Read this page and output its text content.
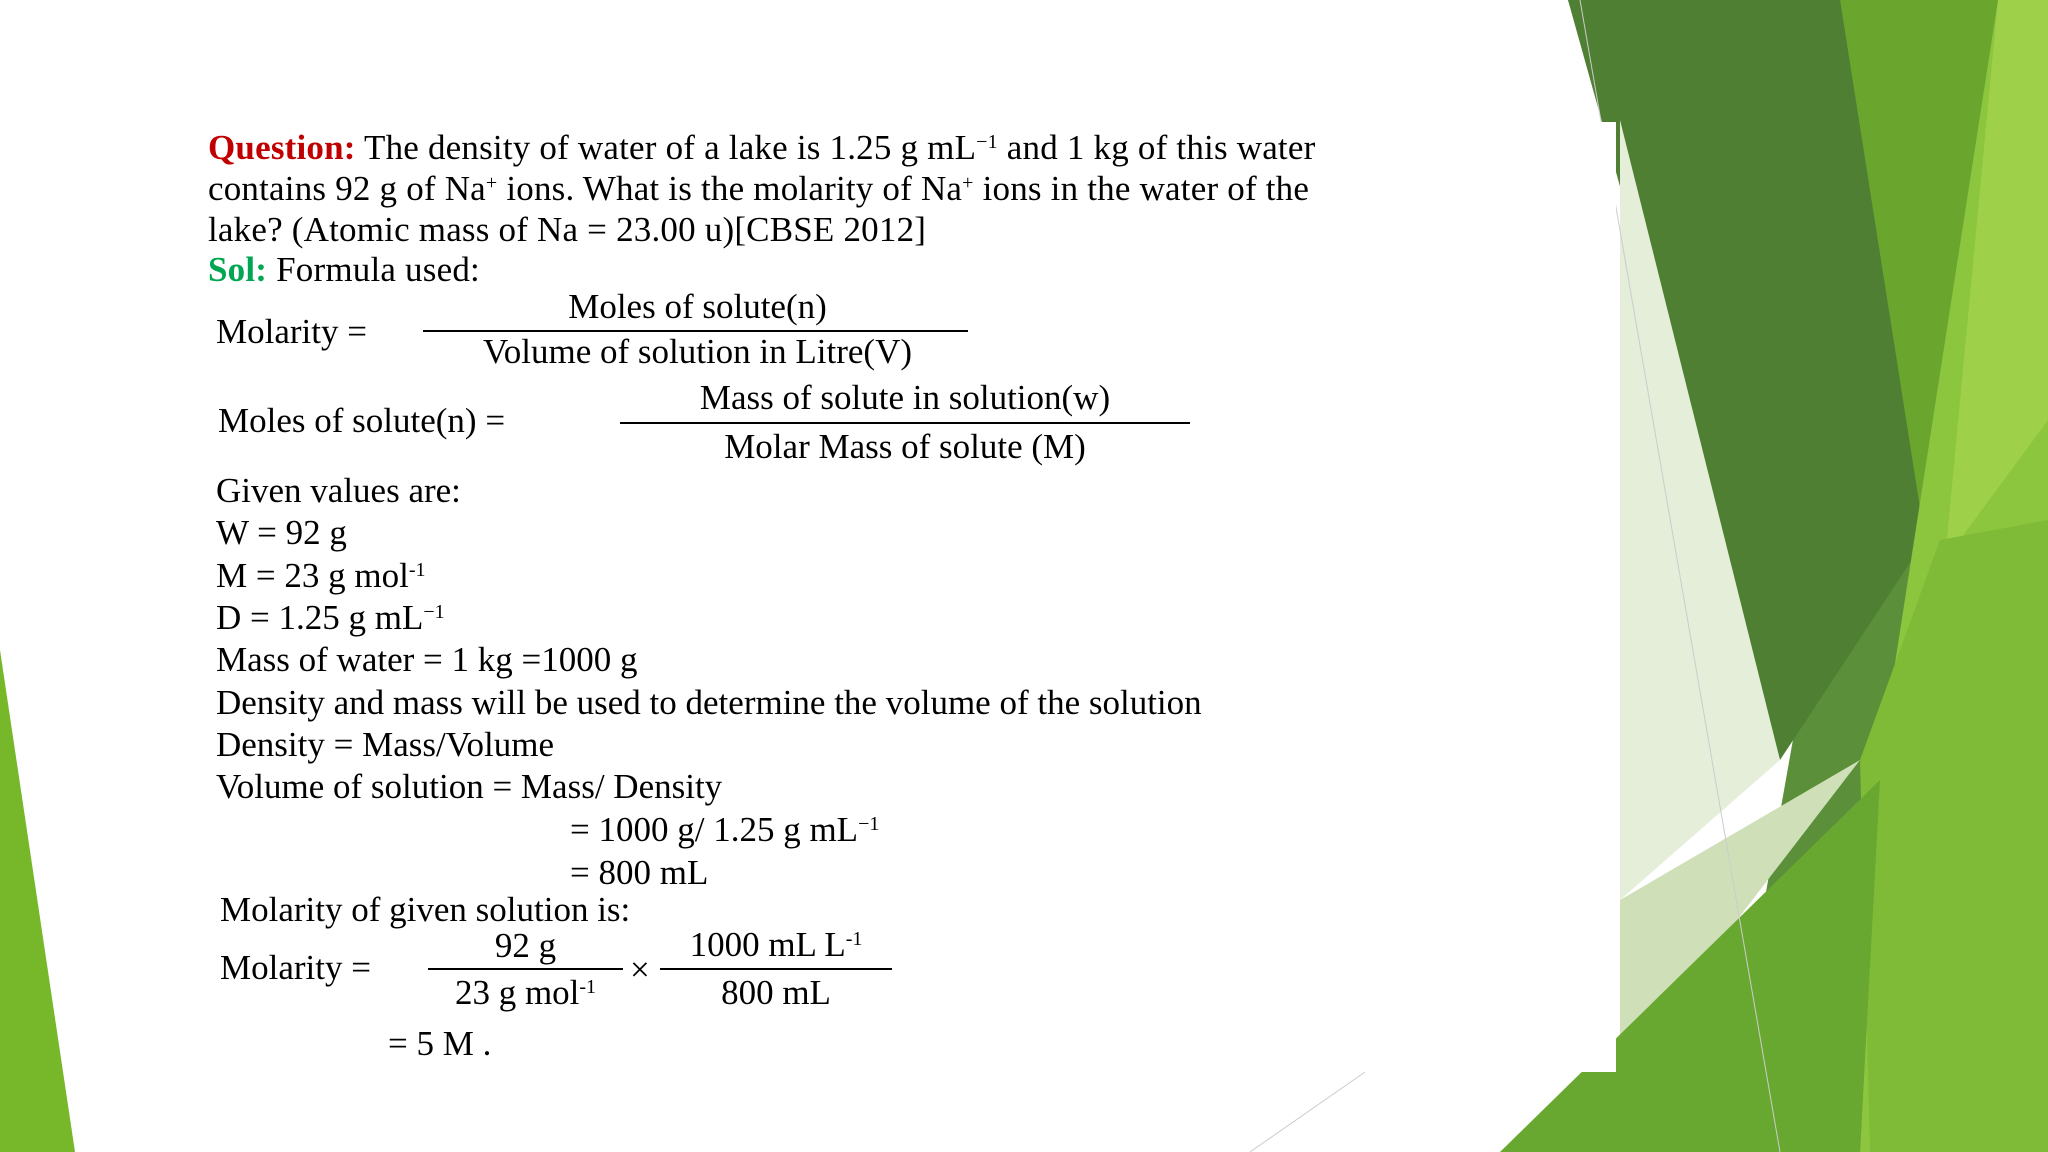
Question: The density of water of a lake is 1.25 g $mL^{-1}$ and 1 kg of this water
contains 92 g of Na+ ions. What is the molarity of Na+ ions in the water of the
lake? (Atomic mass of Na = 23.00 u)[CBSE 2012]
Sol: Formula used:
Molarity =
Moles of solute(n)
Volume of solution in Litre(V)
Moles of solute(n) =
Mass of solute in solution(w)
Molar Mass of solute (M)
Given values are:
W = 92 g
M = 23 g mol$^{-1}$
D = 1.25 g $mL^{-1}$
Mass of water = 1 kg =1000 g
Density and mass will be used to determine the volume of the solution
Density = Mass/Volume
Volume of solution = Mass/ Density
= 1000 g/ 1.25 g $mL^{-1}$
= 800 mL
Molarity of given solution is:
Molarity =
92 g
23 g mol$^{-1}$ ×
1000 mL $L^{-1}$
800 mL
= 5 M .
